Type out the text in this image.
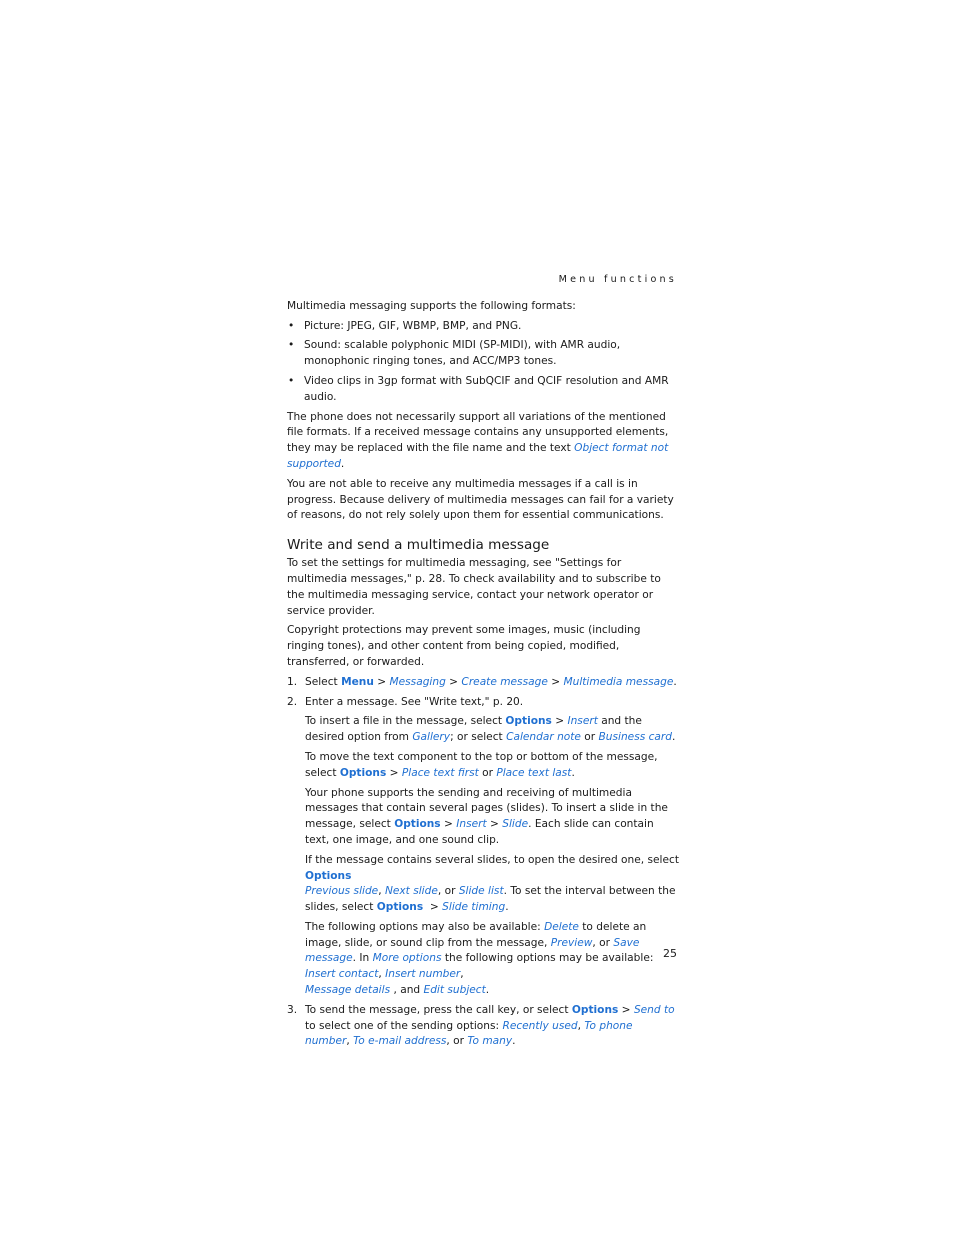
Menu functions

Multimedia messaging supports the following formats:

• Picture: JPEG, GIF, WBMP, BMP, and PNG.
• Sound: scalable polyphonic MIDI (SP-MIDI), with AMR audio, monophonic ringing tones, and ACC/MP3 tones.
• Video clips in 3gp format with SubQCIF and QCIF resolution and AMR audio.

The phone does not necessarily support all variations of the mentioned file formats. If a received message contains any unsupported elements, they may be replaced with the file name and the text Object format not supported.

You are not able to receive any multimedia messages if a call is in progress. Because delivery of multimedia messages can fail for a variety of reasons, do not rely solely upon them for essential communications.

Write and send a multimedia message

To set the settings for multimedia messaging, see "Settings for multimedia messages," p. 28. To check availability and to subscribe to the multimedia messaging service, contact your network operator or service provider.

Copyright protections may prevent some images, music (including ringing tones), and other content from being copied, modified, transferred, or forwarded.

1. Select Menu > Messaging > Create message > Multimedia message.
2. Enter a message. See "Write text," p. 20.

To insert a file in the message, select Options > Insert and the desired option from Gallery; or select Calendar note or Business card.

To move the text component to the top or bottom of the message, select Options > Place text first or Place text last.

Your phone supports the sending and receiving of multimedia messages that contain several pages (slides). To insert a slide in the message, select Options > Insert > Slide. Each slide can contain text, one image, and one sound clip.

If the message contains several slides, to open the desired one, select Options
Previous slide, Next slide, or Slide list. To set the interval between the slides, select Options  > Slide timing.

The following options may also be available: Delete to delete an image, slide, or sound clip from the message, Preview, or Save message. In More options the following options may be available: Insert contact, Insert number,
Message details , and Edit subject.

3. To send the message, press the call key, or select Options > Send to to select one of the sending options: Recently used, To phone number, To e-mail address, or To many.
25
